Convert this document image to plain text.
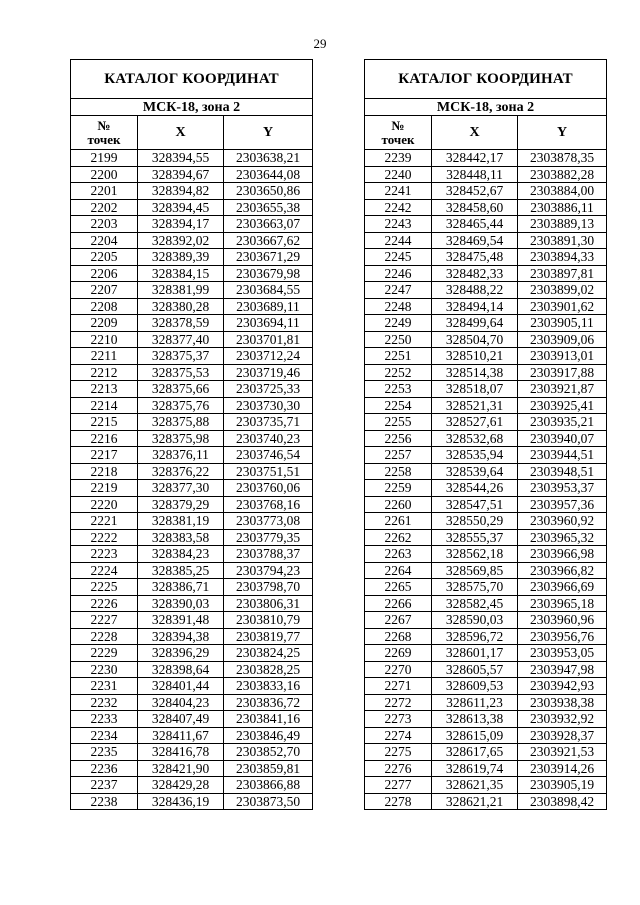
29
КАТАЛОГ КООРДИНАТ		
МСК-18, зона 2		
№
точек	X	Y
2199	328394,55	2303638,21
2200	328394,67	2303644,08
2201	328394,82	2303650,86
2202	328394,45	2303655,38
2203	328394,17	2303663,07
2204	328392,02	2303667,62
2205	328389,39	2303671,29
2206	328384,15	2303679,98
2207	328381,99	2303684,55
2208	328380,28	2303689,11
2209	328378,59	2303694,11
2210	328377,40	2303701,81
2211	328375,37	2303712,24
2212	328375,53	2303719,46
2213	328375,66	2303725,33
2214	328375,76	2303730,30
2215	328375,88	2303735,71
2216	328375,98	2303740,23
2217	328376,11	2303746,54
2218	328376,22	2303751,51
2219	328377,30	2303760,06
2220	328379,29	2303768,16
2221	328381,19	2303773,08
2222	328383,58	2303779,35
2223	328384,23	2303788,37
2224	328385,25	2303794,23
2225	328386,71	2303798,70
2226	328390,03	2303806,31
2227	328391,48	2303810,79
2228	328394,38	2303819,77
2229	328396,29	2303824,25
2230	328398,64	2303828,25
2231	328401,44	2303833,16
2232	328404,23	2303836,72
2233	328407,49	2303841,16
2234	328411,67	2303846,49
2235	328416,78	2303852,70
2236	328421,90	2303859,81
2237	328429,28	2303866,88
2238	328436,19	2303873,50
КАТАЛОГ КООРДИНАТ		
МСК-18, зона 2		
№
точек	X	Y
2239	328442,17	2303878,35
2240	328448,11	2303882,28
2241	328452,67	2303884,00
2242	328458,60	2303886,11
2243	328465,44	2303889,13
2244	328469,54	2303891,30
2245	328475,48	2303894,33
2246	328482,33	2303897,81
2247	328488,22	2303899,02
2248	328494,14	2303901,62
2249	328499,64	2303905,11
2250	328504,70	2303909,06
2251	328510,21	2303913,01
2252	328514,38	2303917,88
2253	328518,07	2303921,87
2254	328521,31	2303925,41
2255	328527,61	2303935,21
2256	328532,68	2303940,07
2257	328535,94	2303944,51
2258	328539,64	2303948,51
2259	328544,26	2303953,37
2260	328547,51	2303957,36
2261	328550,29	2303960,92
2262	328555,37	2303965,32
2263	328562,18	2303966,98
2264	328569,85	2303966,82
2265	328575,70	2303966,69
2266	328582,45	2303965,18
2267	328590,03	2303960,96
2268	328596,72	2303956,76
2269	328601,17	2303953,05
2270	328605,57	2303947,98
2271	328609,53	2303942,93
2272	328611,23	2303938,38
2273	328613,38	2303932,92
2274	328615,09	2303928,37
2275	328617,65	2303921,53
2276	328619,74	2303914,26
2277	328621,35	2303905,19
2278	328621,21	2303898,42
